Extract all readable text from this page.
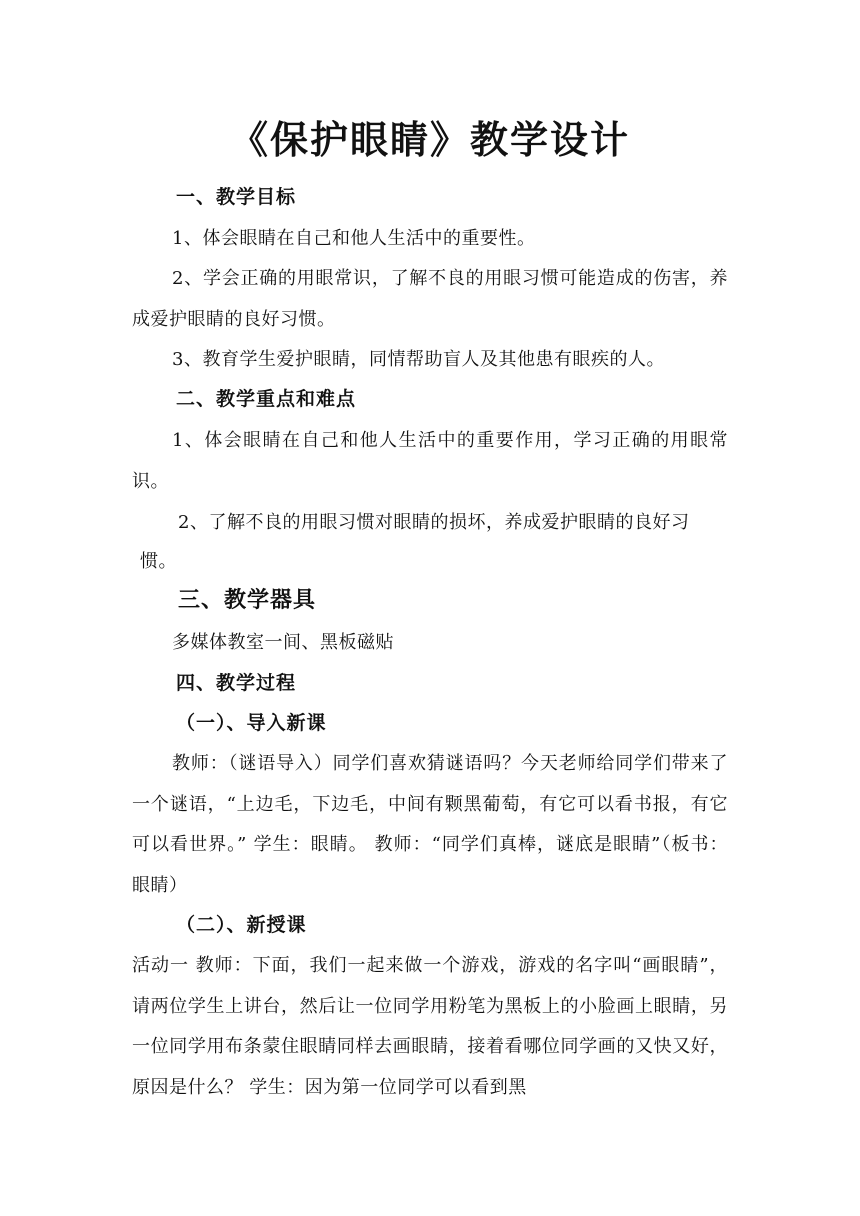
《保护眼睛》教学设计
一、教学目标
1、体会眼睛在自己和他人生活中的重要性。
2、学会正确的用眼常识，了解不良的用眼习惯可能造成的伤害，养成爱护眼睛的良好习惯。
3、教育学生爱护眼睛，同情帮助盲人及其他患有眼疾的人。
二、教学重点和难点
1、体会眼睛在自己和他人生活中的重要作用，学习正确的用眼常识。
2、了解不良的用眼习惯对眼睛的损坏，养成爱护眼睛的良好习
惯。
三、教学器具
多媒体教室一间、黑板磁贴
四、教学过程
（一）、导入新课
教师：（谜语导入）同学们喜欢猜谜语吗？今天老师给同学们带来了一个谜语，“上边毛，下边毛，中间有颗黑葡萄，有它可以看书报，有它可以看世界。” 学生：眼睛。 教师：“同学们真棒，谜底是眼睛”（板书：眼睛）
（二）、新授课
活动一 教师：下面，我们一起来做一个游戏，游戏的名字叫“画眼睛”， 请两位学生上讲台，然后让一位同学用粉笔为黑板上的小脸画上眼睛，另一位同学用布条蒙住眼睛同样去画眼睛，接着看哪位同学画的又快又好，原因是什么？ 学生：因为第一位同学可以看到黑
